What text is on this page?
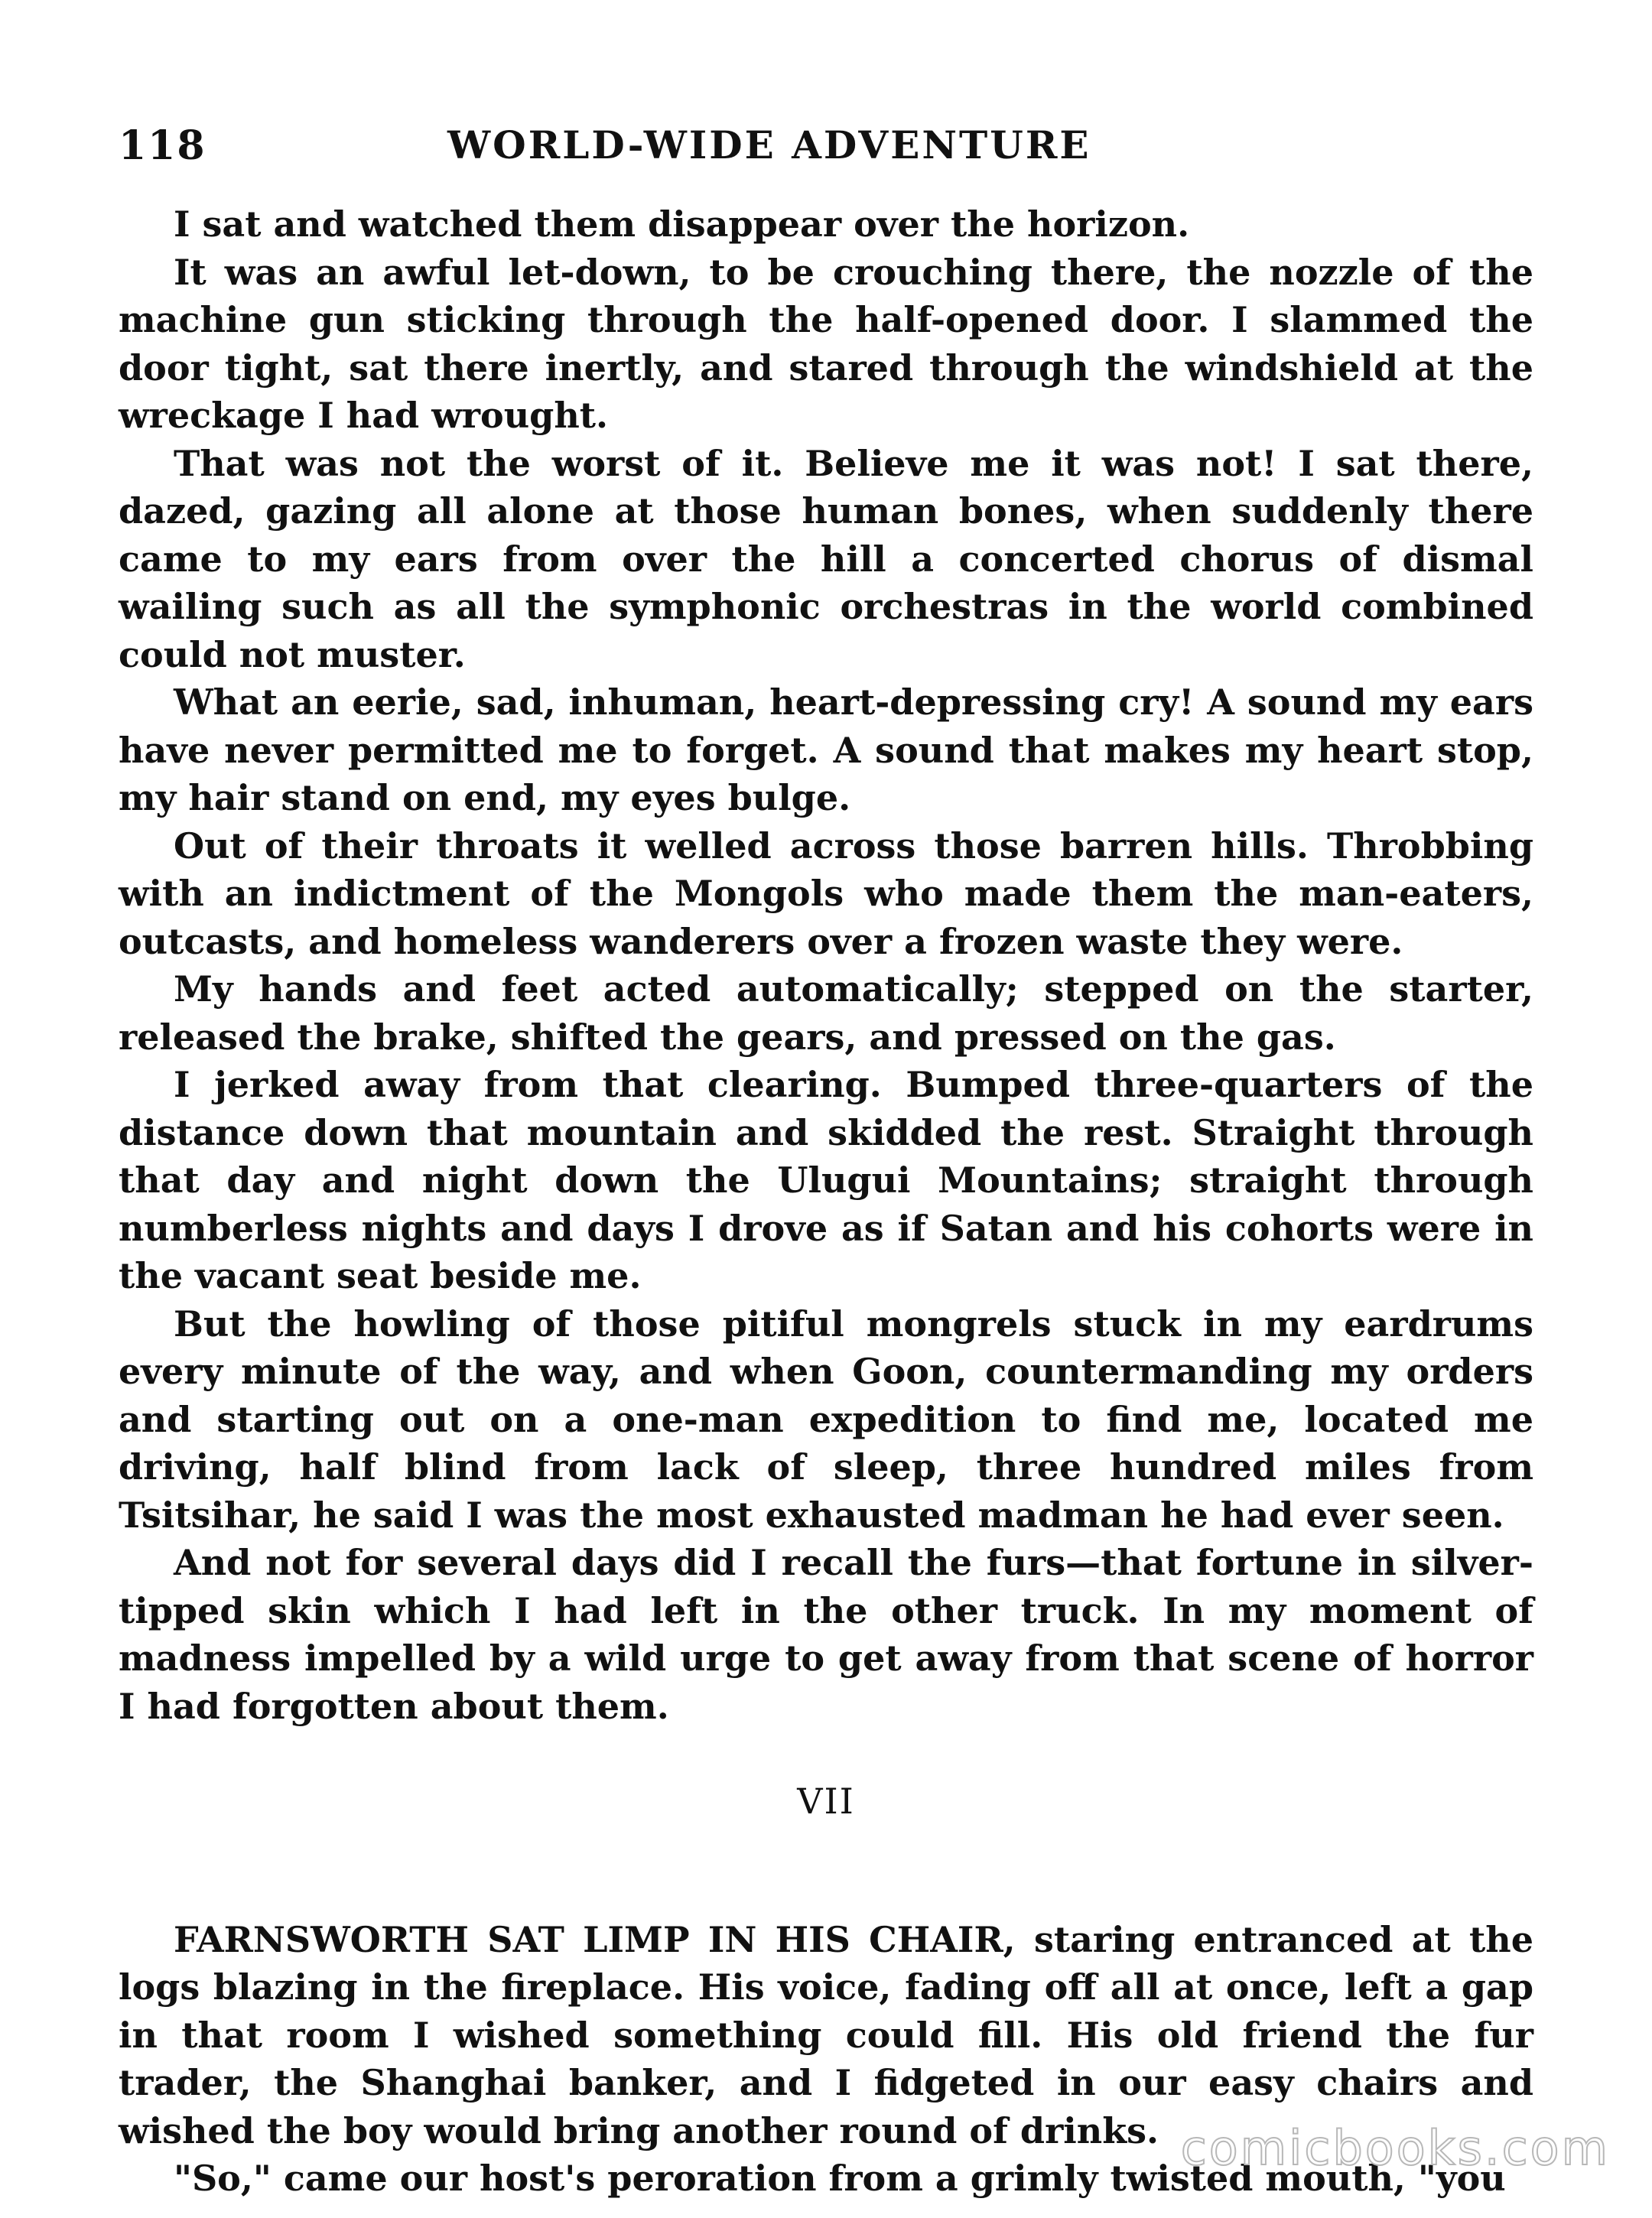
118	WORLD-WIDE ADVENTURE

I sat and watched them disappear over the horizon.

It was an awful let-down, to be crouching there, the nozzle of the machine gun sticking through the half-opened door. I slammed the door tight, sat there inertly, and stared through the windshield at the wreckage I had wrought.

That was not the worst of it. Believe me it was not! I sat there, dazed, gazing all alone at those human bones, when suddenly there came to my ears from over the hill a concerted chorus of dismal wailing such as all the symphonic orchestras in the world combined could not muster.

What an eerie, sad, inhuman, heart-depressing cry! A sound my ears have never permitted me to forget. A sound that makes my heart stop, my hair stand on end, my eyes bulge.

Out of their throats it welled across those barren hills. Throbbing with an indictment of the Mongols who made them the man-eaters, outcasts, and homeless wanderers over a frozen waste they were.

My hands and feet acted automatically; stepped on the starter, released the brake, shifted the gears, and pressed on the gas.

I jerked away from that clearing. Bumped three-quarters of the distance down that mountain and skidded the rest. Straight through that day and night down the Ulugui Mountains; straight through numberless nights and days I drove as if Satan and his cohorts were in the vacant seat beside me.

But the howling of those pitiful mongrels stuck in my eardrums every minute of the way, and when Goon, countermanding my orders and starting out on a one-man expedition to find me, located me driving, half blind from lack of sleep, three hundred miles from Tsitsihar, he said I was the most exhausted madman he had ever seen.

And not for several days did I recall the furs—that fortune in silver-tipped skin which I had left in the other truck. In my moment of madness impelled by a wild urge to get away from that scene of horror I had forgotten about them.

VII

FARNSWORTH SAT LIMP IN HIS CHAIR, staring entranced at the logs blazing in the fireplace. His voice, fading off all at once, left a gap in that room I wished something could fill. His old friend the fur trader, the Shanghai banker, and I fidgeted in our easy chairs and wished the boy would bring another round of drinks.

"So," came our host's peroration from a grimly twisted mouth, "you

comicbooks.com
